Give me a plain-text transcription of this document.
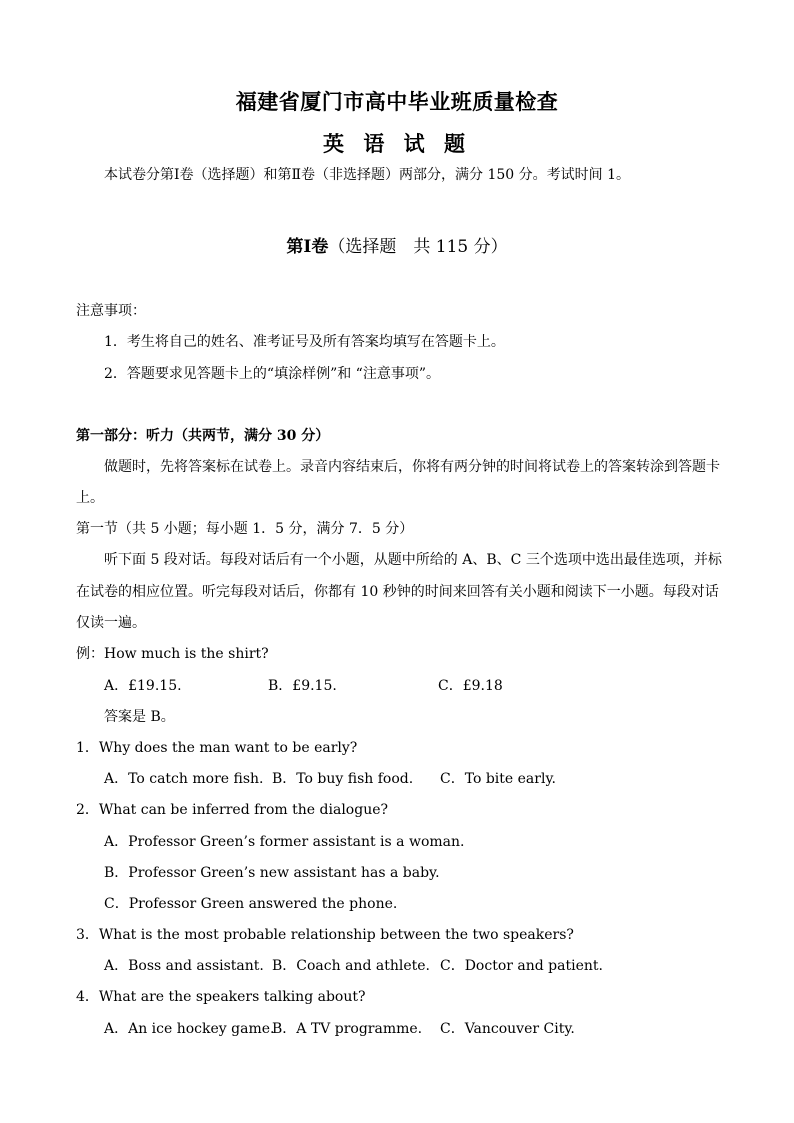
福建省厦门市高中毕业班质量检查
英 语 试 题
本试卷分第Ⅰ卷（选择题）和第Ⅱ卷（非选择题）两部分，满分 150 分。考试时间 1。
第Ⅰ卷（选择题　共 115 分）
注意事项：
1．考生将自己的姓名、准考证号及所有答案均填写在答题卡上。
2．答题要求见答题卡上的“填涂样例”和 “注意事项”。
第一部分：听力（共两节，满分 30 分）
做题时，先将答案标在试卷上。录音内容结束后，你将有两分钟的时间将试卷上的答案转涂到答题卡
上。
第一节（共 5 小题；每小题 1．5 分，满分 7．5 分）
听下面 5 段对话。每段对话后有一个小题，从题中所给的 A、B、C 三个选项中选出最佳选项，并标
在试卷的相应位置。听完每段对话后，你都有 10 秒钟的时间来回答有关小题和阅读下一小题。每段对话
仅读一遍。
例：How much is the shirt?
A．£19.15.	B．£9.15.	C．£9.18
答案是 B。
1．Why does the man want to be early?
A．To catch more fish. B．To buy fish food. C．To bite early.
2．What can be inferred from the dialogue?
A．Professor Green’s former assistant is a woman.
B．Professor Green’s new assistant has a baby.
C．Professor Green answered the phone.
3．What is the most probable relationship between the two speakers?
A．Boss and assistant. B．Coach and athlete. C．Doctor and patient.
4．What are the speakers talking about?
A．An ice hockey game.
B．A TV programme. C．Vancouver City.
